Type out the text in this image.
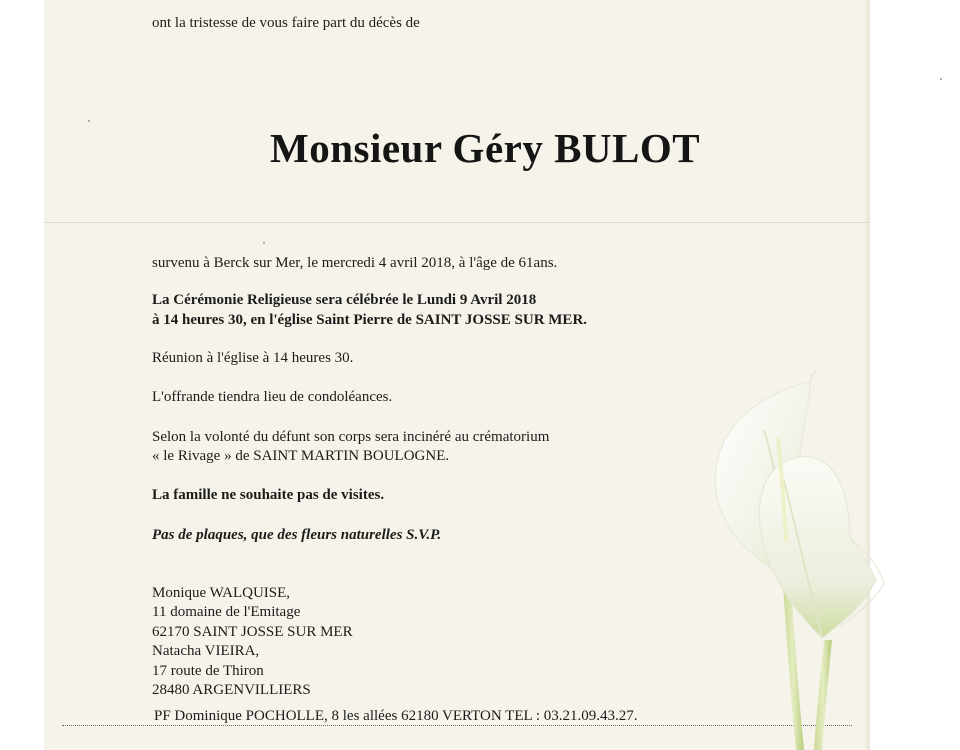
ont la tristesse de vous faire part du décès de
Monsieur Géry BULOT
survenu à Berck sur Mer, le mercredi 4 avril 2018, à l'âge de 61ans.
La Cérémonie Religieuse sera célébrée le Lundi 9 Avril 2018
à 14 heures 30, en l'église Saint Pierre de SAINT JOSSE SUR MER.
Réunion à l'église à 14 heures 30.
L'offrande tiendra lieu de condoléances.
Selon la volonté du défunt son corps sera incinéré au crématorium
« le Rivage » de SAINT MARTIN BOULOGNE.
La famille ne souhaite pas de visites.
Pas de plaques, que des fleurs naturelles S.V.P.
Monique WALQUISE,
11 domaine de l'Emitage
62170 SAINT JOSSE SUR MER
Natacha VIEIRA,
17 route de Thiron
28480 ARGENVILLIERS
PF Dominique POCHOLLE, 8 les allées 62180 VERTON TEL : 03.21.09.43.27.
